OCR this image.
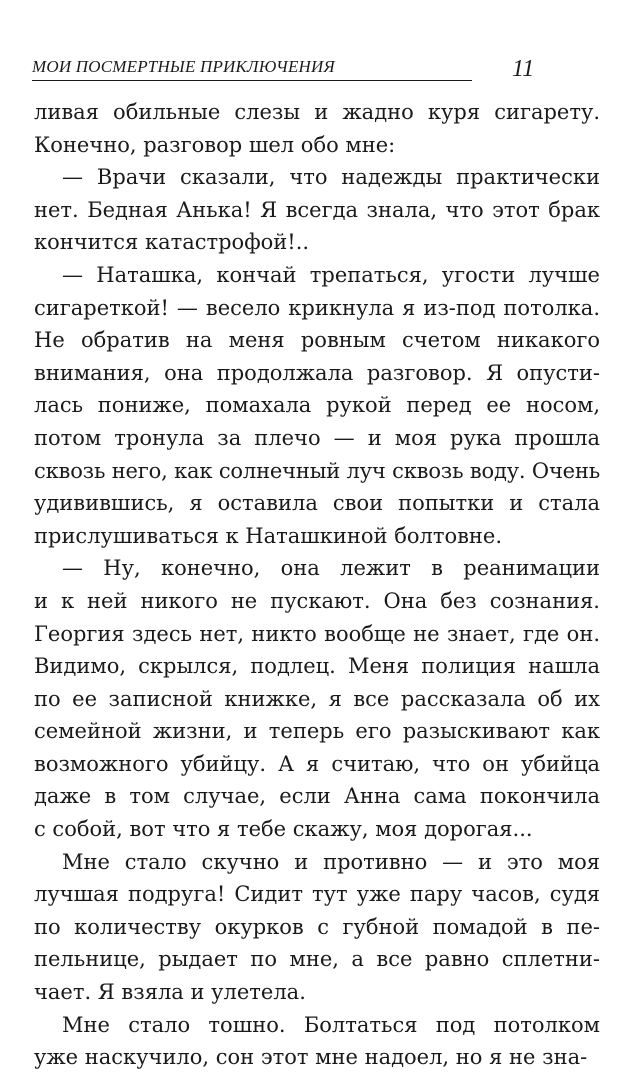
МОИ ПОСМЕРТНЫЕ ПРИКЛЮЧЕНИЯ	11
ливая обильные слезы и жадно куря сигарету.
Конечно, разговор шел обо мне:
— Врачи сказали, что надежды практически
нет. Бедная Анька! Я всегда знала, что этот брак
кончится катастрофой!..
— Наташка, кончай трепаться, угости лучше
сигареткой! — весело крикнула я из-под потолка.
Не обратив на меня ровным счетом никакого
внимания, она продолжала разговор. Я опусти-
лась пониже, помахала рукой перед ее носом,
потом тронула за плечо — и моя рука прошла
сквозь него, как солнечный луч сквозь воду. Очень
удивившись, я оставила свои попытки и стала
прислушиваться к Наташкиной болтовне.
— Ну, конечно, она лежит в реанимации
и к ней никого не пускают. Она без сознания.
Георгия здесь нет, никто вообще не знает, где он.
Видимо, скрылся, подлец. Меня полиция нашла
по ее записной книжке, я все рассказала об их
семейной жизни, и теперь его разыскивают как
возможного убийцу. А я считаю, что он убийца
даже в том случае, если Анна сама покончила
с собой, вот что я тебе скажу, моя дорогая...
Мне стало скучно и противно — и это моя
лучшая подруга! Сидит тут уже пару часов, судя
по количеству окурков с губной помадой в пе-
пельнице, рыдает по мне, а все равно сплетни-
чает. Я взяла и улетела.
Мне стало тошно. Болтаться под потолком
уже наскучило, сон этот мне надоел, но я не зна-
